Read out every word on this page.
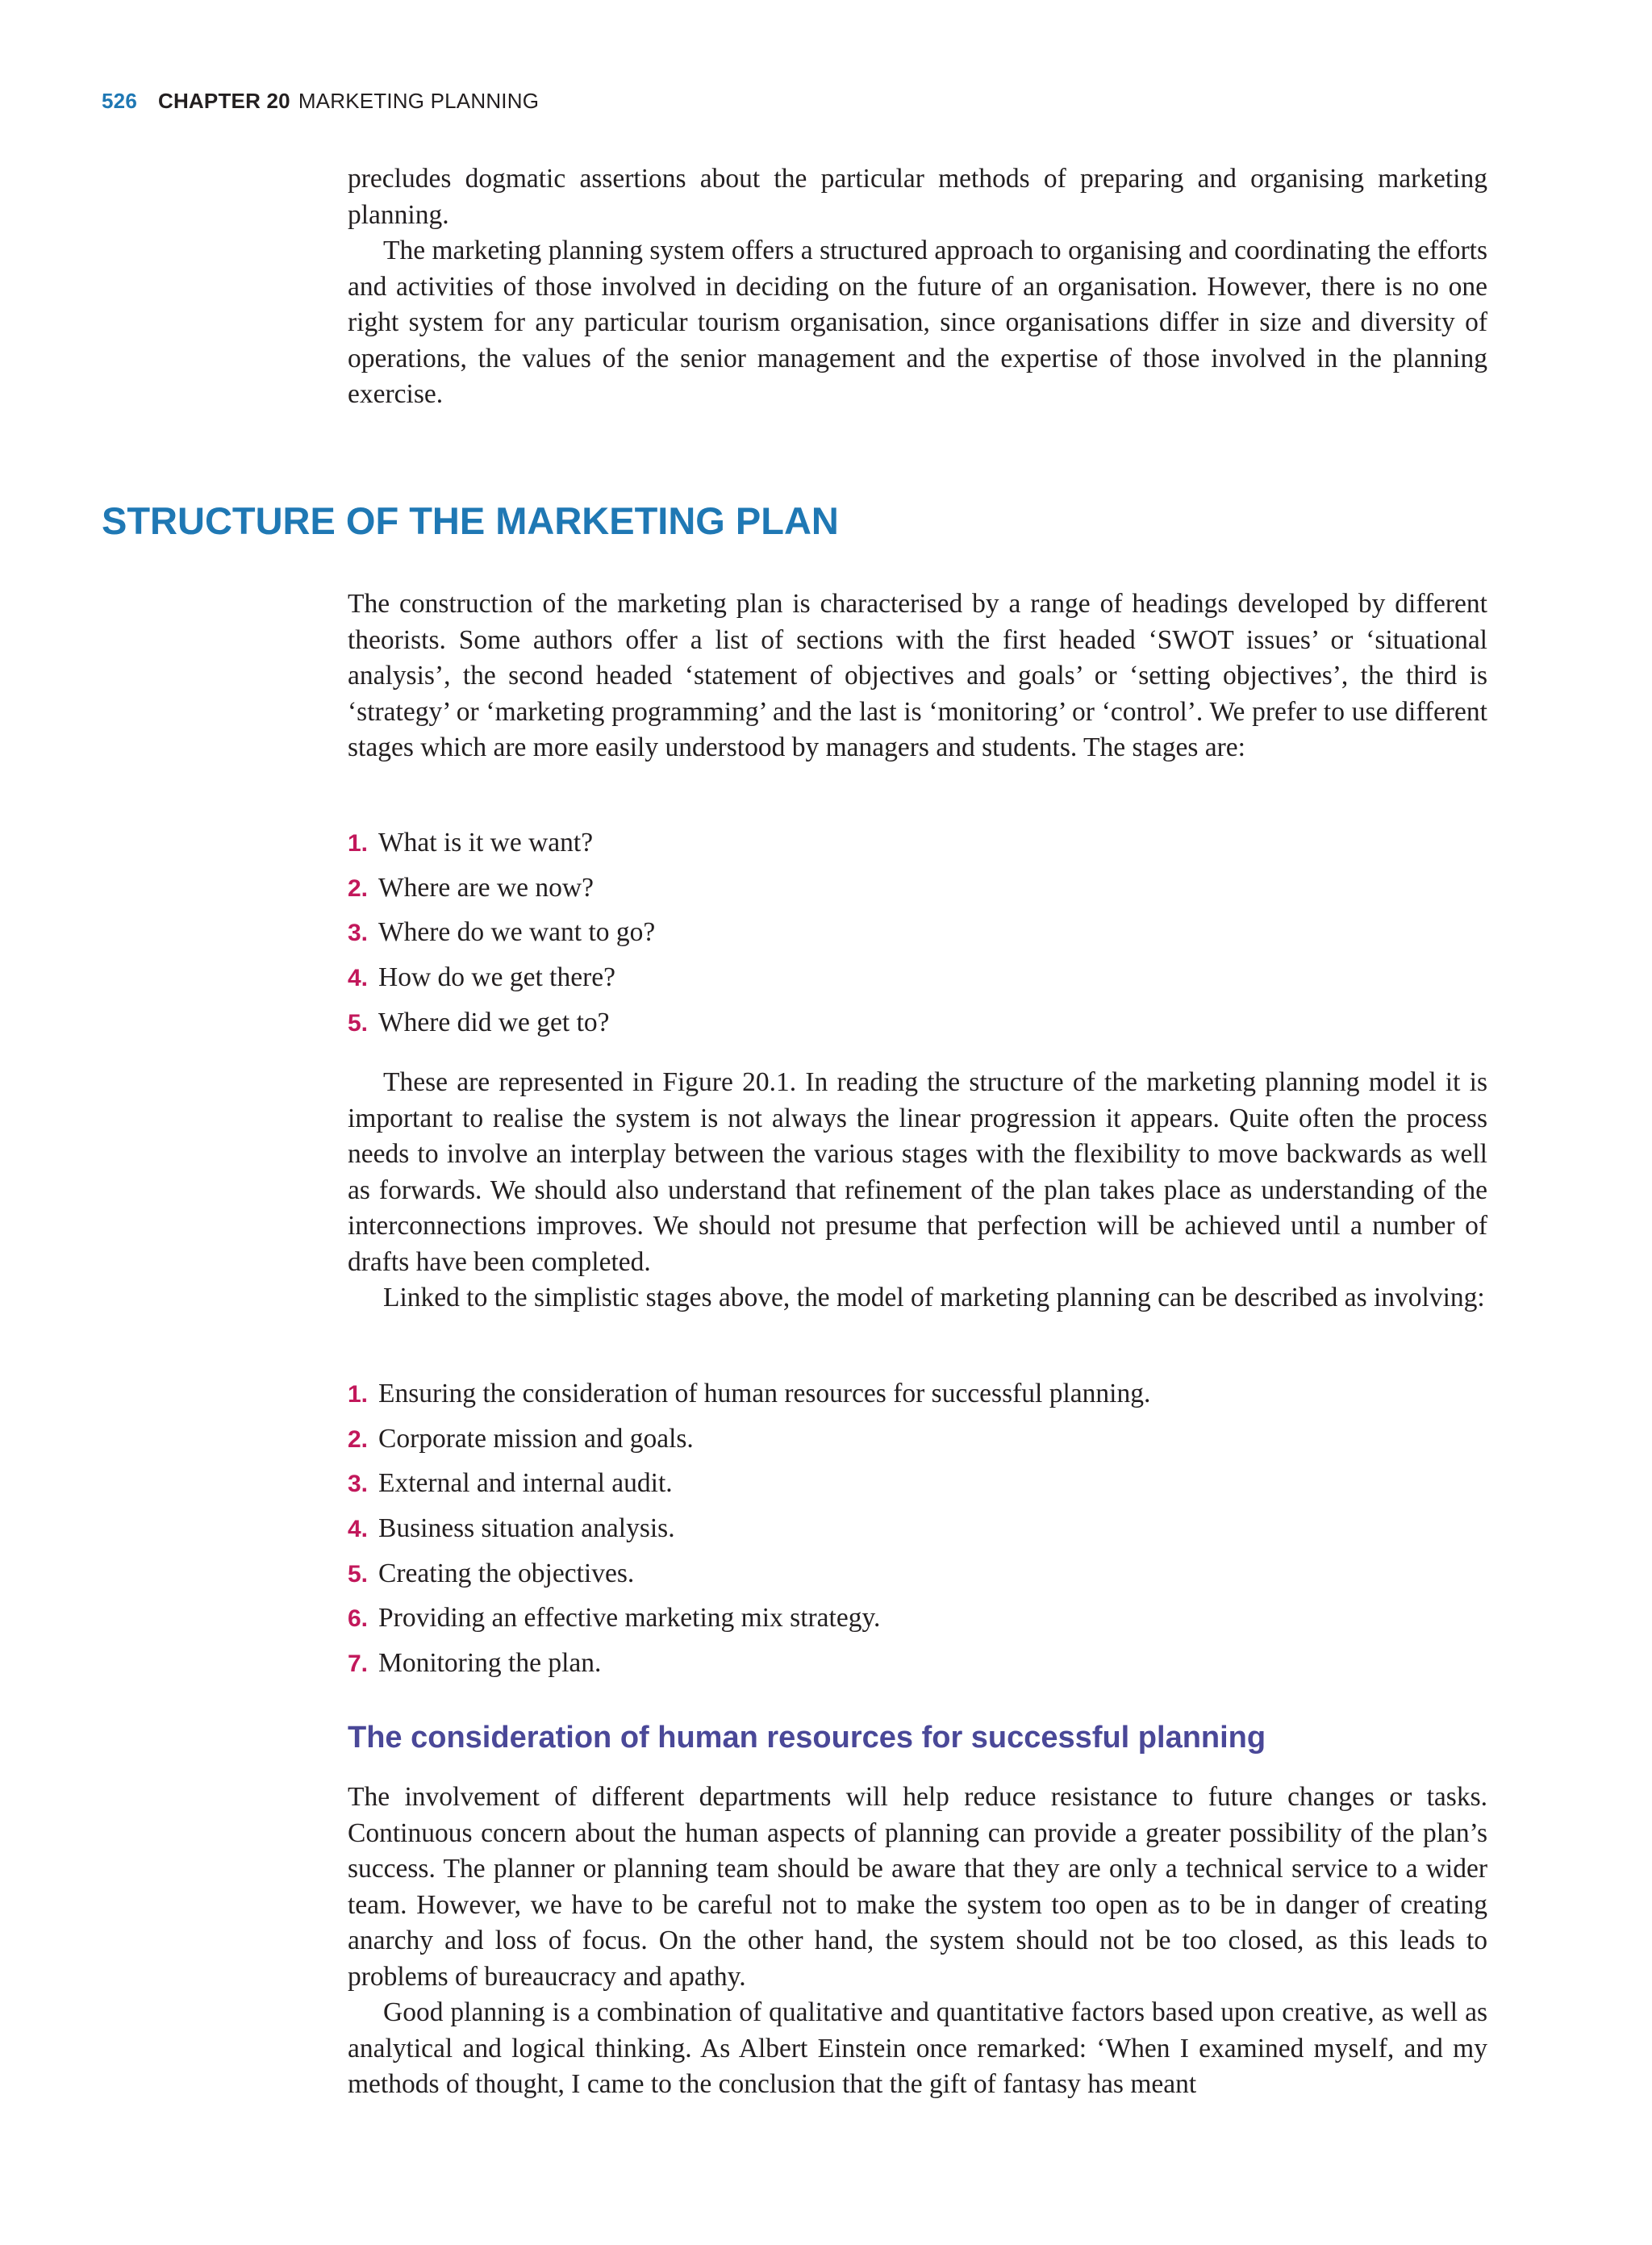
526 CHAPTER 20 MARKETING PLANNING

precludes dogmatic assertions about the particular methods of preparing and organising marketing planning.

The marketing planning system offers a structured approach to organising and coordinating the efforts and activities of those involved in deciding on the future of an organisation. However, there is no one right system for any particular tourism organisation, since organisations differ in size and diversity of operations, the values of the senior management and the expertise of those involved in the planning exercise.

STRUCTURE OF THE MARKETING PLAN

The construction of the marketing plan is characterised by a range of headings developed by different theorists. Some authors offer a list of sections with the first headed ‘SWOT issues’ or ‘situational analysis’, the second headed ‘statement of objectives and goals’ or ‘setting objectives’, the third is ‘strategy’ or ‘marketing programming’ and the last is ‘monitoring’ or ‘control’. We prefer to use different stages which are more easily understood by managers and students. The stages are:

1. What is it we want?
2. Where are we now?
3. Where do we want to go?
4. How do we get there?
5. Where did we get to?

These are represented in Figure 20.1. In reading the structure of the marketing planning model it is important to realise the system is not always the linear progression it appears. Quite often the process needs to involve an interplay between the various stages with the flexibility to move backwards as well as forwards. We should also understand that refinement of the plan takes place as understanding of the interconnections improves. We should not presume that perfection will be achieved until a number of drafts have been completed.

Linked to the simplistic stages above, the model of marketing planning can be described as involving:

1. Ensuring the consideration of human resources for successful planning.
2. Corporate mission and goals.
3. External and internal audit.
4. Business situation analysis.
5. Creating the objectives.
6. Providing an effective marketing mix strategy.
7. Monitoring the plan.
The consideration of human resources for successful planning

The involvement of different departments will help reduce resistance to future changes or tasks. Continuous concern about the human aspects of planning can provide a greater possibility of the plan’s success. The planner or planning team should be aware that they are only a technical service to a wider team. However, we have to be careful not to make the system too open as to be in danger of creating anarchy and loss of focus. On the other hand, the system should not be too closed, as this leads to problems of bureaucracy and apathy.

Good planning is a combination of qualitative and quantitative factors based upon creative, as well as analytical and logical thinking. As Albert Einstein once remarked: ‘When I examined myself, and my methods of thought, I came to the conclusion that the gift of fantasy has meant
